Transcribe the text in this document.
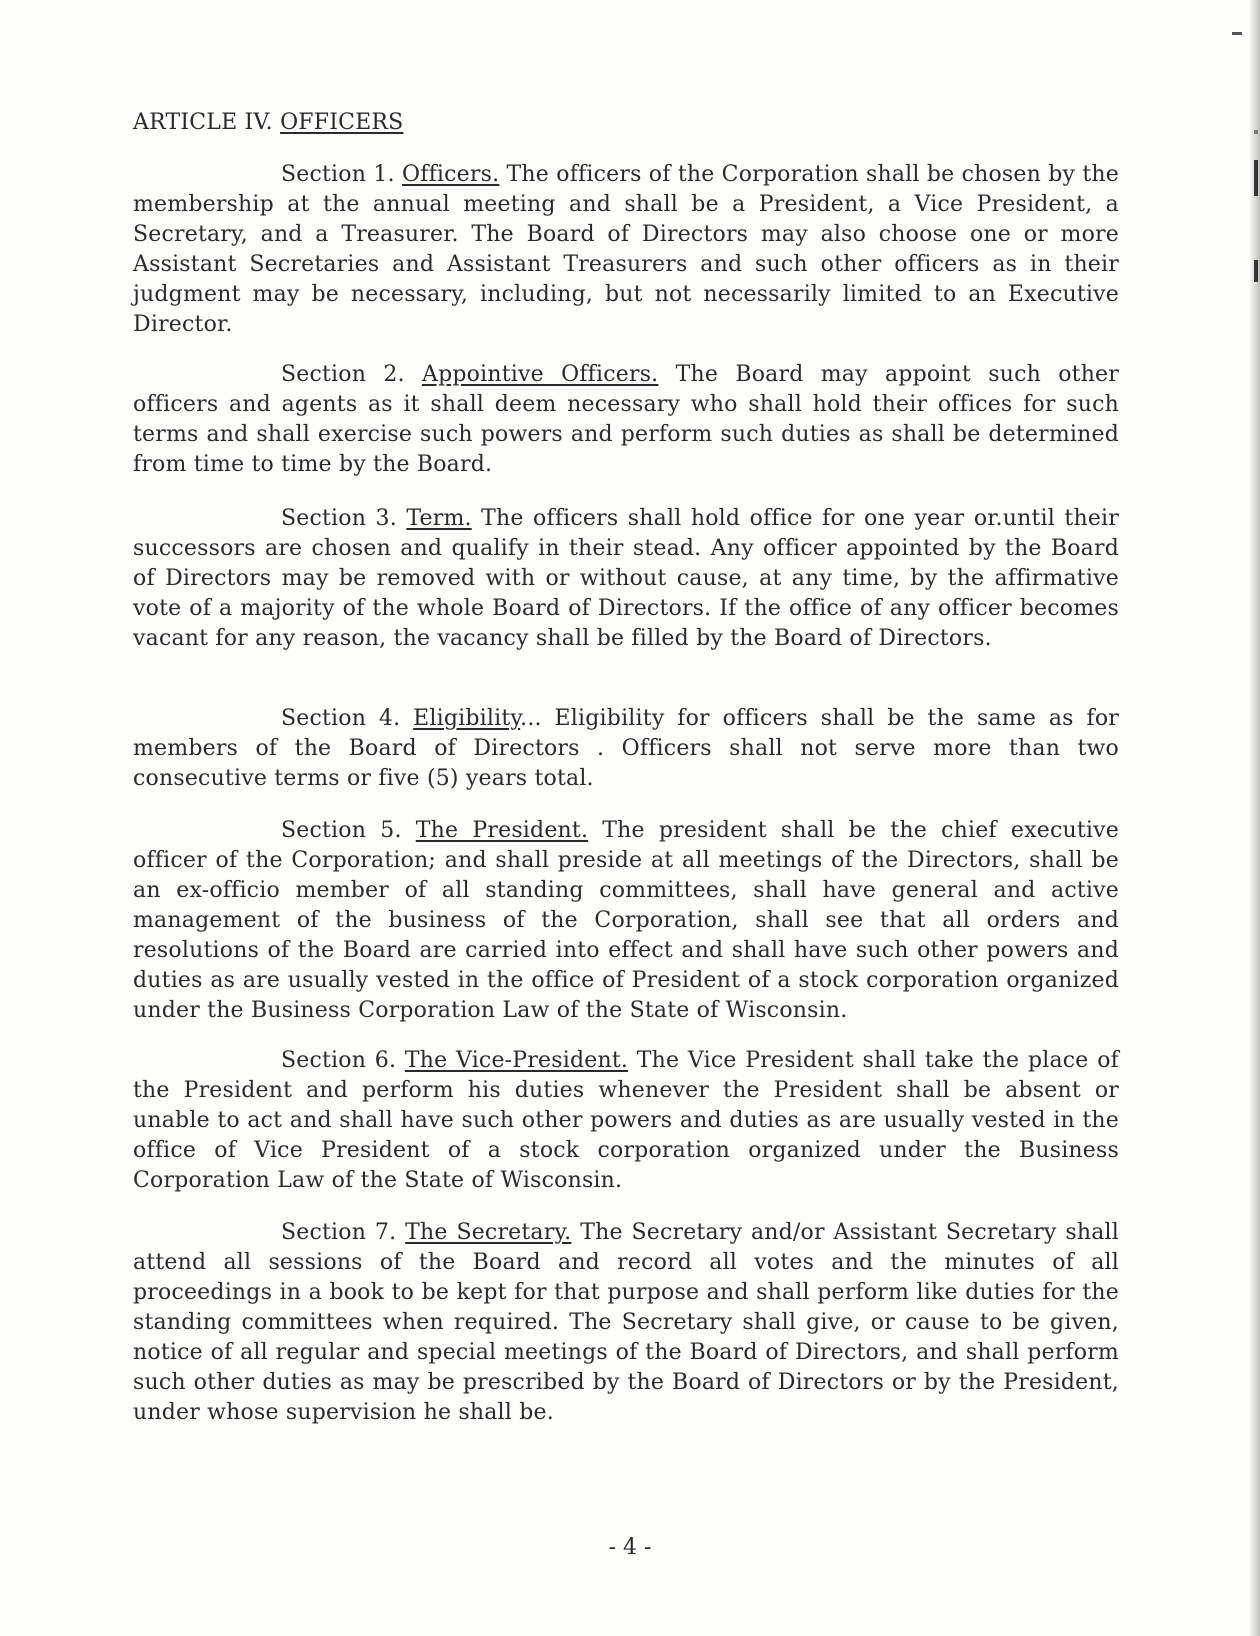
ARTICLE IV. OFFICERS
Section 1. Officers. The officers of the Corporation shall be chosen by the membership at the annual meeting and shall be a President, a Vice President, a Secretary, and a Treasurer. The Board of Directors may also choose one or more Assistant Secretaries and Assistant Treasurers and such other officers as in their judgment may be necessary, including, but not necessarily limited to an Executive Director.
Section 2. Appointive Officers. The Board may appoint such other officers and agents as it shall deem necessary who shall hold their offices for such terms and shall exercise such powers and perform such duties as shall be determined from time to time by the Board.
Section 3. Term. The officers shall hold office for one year or.until their successors are chosen and qualify in their stead. Any officer appointed by the Board of Directors may be removed with or without cause, at any time, by the affirmative vote of a majority of the whole Board of Directors. If the office of any officer becomes vacant for any reason, the vacancy shall be filled by the Board of Directors.
Section 4. Eligibility... Eligibility for officers shall be the same as for members of the Board of Directors . Officers shall not serve more than two consecutive terms or five (5) years total.
Section 5. The President. The president shall be the chief executive officer of the Corporation; and shall preside at all meetings of the Directors, shall be an ex-officio member of all standing committees, shall have general and active management of the business of the Corporation, shall see that all orders and resolutions of the Board are carried into effect and shall have such other powers and duties as are usually vested in the office of President of a stock corporation organized under the Business Corporation Law of the State of Wisconsin.
Section 6. The Vice-President. The Vice President shall take the place of the President and perform his duties whenever the President shall be absent or unable to act and shall have such other powers and duties as are usually vested in the office of Vice President of a stock corporation organized under the Business Corporation Law of the State of Wisconsin.
Section 7. The Secretary. The Secretary and/or Assistant Secretary shall attend all sessions of the Board and record all votes and the minutes of all proceedings in a book to be kept for that purpose and shall perform like duties for the standing committees when required. The Secretary shall give, or cause to be given, notice of all regular and special meetings of the Board of Directors, and shall perform such other duties as may be prescribed by the Board of Directors or by the President, under whose supervision he shall be.
- 4 -
